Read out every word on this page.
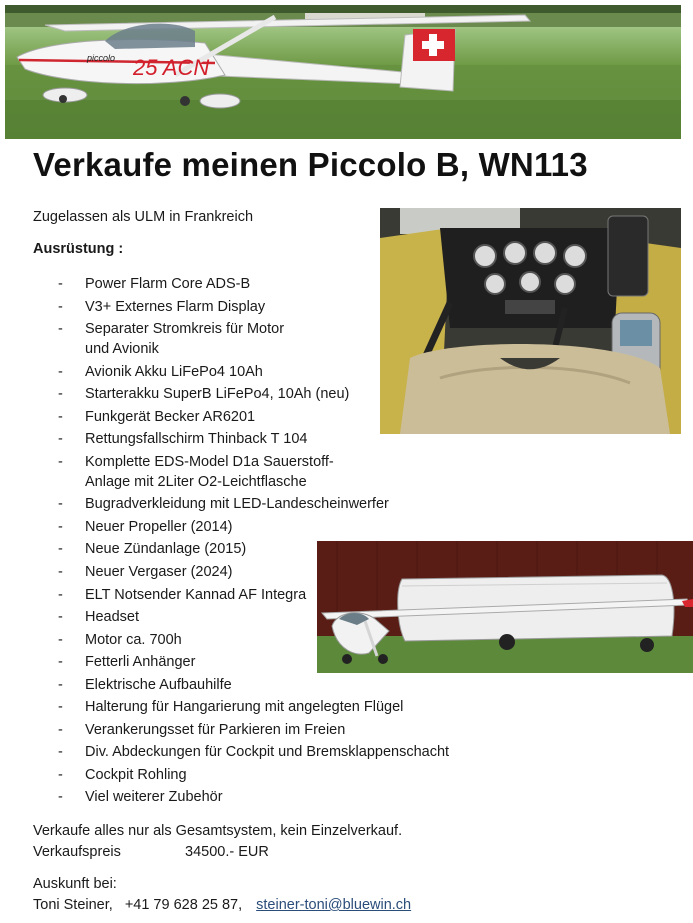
piccolo 25 ACN
Verkaufe meinen Piccolo B, WN113
Zugelassen als ULM in Frankreich
Ausrüstung :
- Power Flarm Core ADS-B
- V3+ Externes Flarm Display
- Separater Stromkreis für Motor
und Avionik
- Avionik Akku LiFePo4 10Ah
- Starterakku SuperB LiFePo4, 10Ah (neu)
- Funkgerät Becker AR6201
- Rettungsfallschirm Thinback T 104
- Komplette EDS-Model D1a Sauerstoff-
Anlage mit 2Liter O2-Leichtflasche
- Bugradverkleidung mit LED-Landescheinwerfer
- Neuer Propeller (2014)
- Neue Zündanlage (2015)
- Neuer Vergaser (2024)
- ELT Notsender Kannad AF Integra
- Headset
- Motor ca. 700h
- Fetterli Anhänger
- Elektrische Aufbauhilfe
- Halterung für Hangarierung mit angelegten Flügel
- Verankerungsset für Parkieren im Freien
- Div. Abdeckungen für Cockpit und Bremsklappenschacht
- Cockpit Rohling
- Viel weiterer Zubehör
Verkaufe alles nur als Gesamtsystem, kein Einzelverkauf.
Verkaufspreis	34500.- EUR
Auskunft bei:
Toni Steiner, +41 79 628 25 87, steiner-toni@bluewin.ch
